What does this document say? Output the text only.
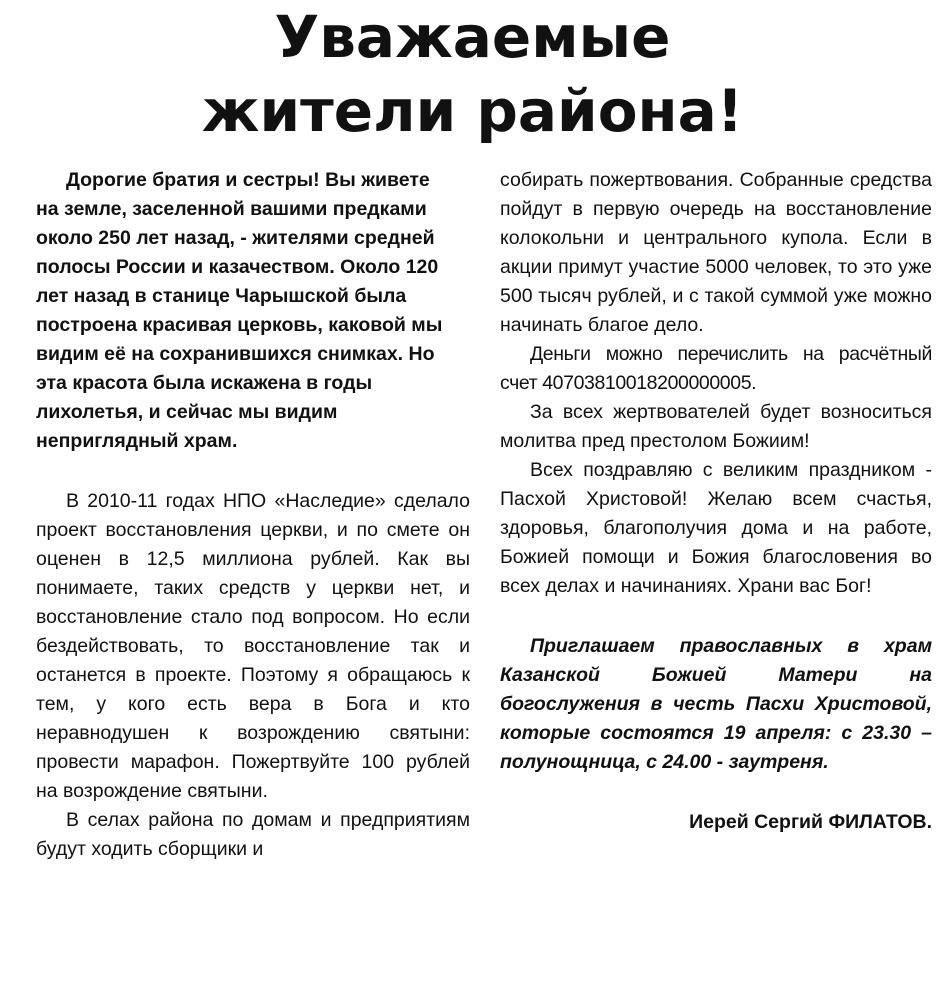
Уважаемые
жители района!

Дорогие братия и сестры! Вы живете на земле, заселенной вашими предками около 250 лет назад, - жителями средней полосы России и казачеством. Около 120 лет назад в станице Чарышской была построена красивая церковь, каковой мы видим её на сохранившихся снимках. Но эта красота была искажена в годы лихолетья, и сейчас мы видим неприглядный храм.

В 2010-11 годах НПО «Наследие» сделало проект восстановления церкви, и по смете он оценен в 12,5 миллиона рублей. Как вы понимаете, таких средств у церкви нет, и восстановление стало под вопросом. Но если бездействовать, то восстановление так и останется в проекте. Поэтому я обращаюсь к тем, у кого есть вера в Бога и кто неравнодушен к возрождению святыни: провести марафон. Пожертвуйте 100 рублей на возрождение святыни.

В селах района по домам и предприятиям будут ходить сборщики и

собирать пожертвования. Собранные средства пойдут в первую очередь на восстановление колокольни и центрального купола. Если в акции примут участие 5000 человек, то это уже 500 тысяч рублей, и с такой суммой уже можно начинать благое дело.

Деньги можно перечислить на расчётный счет 40703810018200000005.

За всех жертвователей будет возноситься молитва пред престолом Божиим!

Всех поздравляю с великим праздником - Пасхой Христовой! Желаю всем счастья, здоровья, благополучия дома и на работе, Божией помощи и Божия благословения во всех делах и начинаниях. Храни вас Бог!

Приглашаем православных в храм Казанской Божией Матери на богослужения в честь Пасхи Христовой, которые состоятся 19 апреля: с 23.30 – полунощница, с 24.00 - заутреня.

Иерей Сергий ФИЛАТОВ.
